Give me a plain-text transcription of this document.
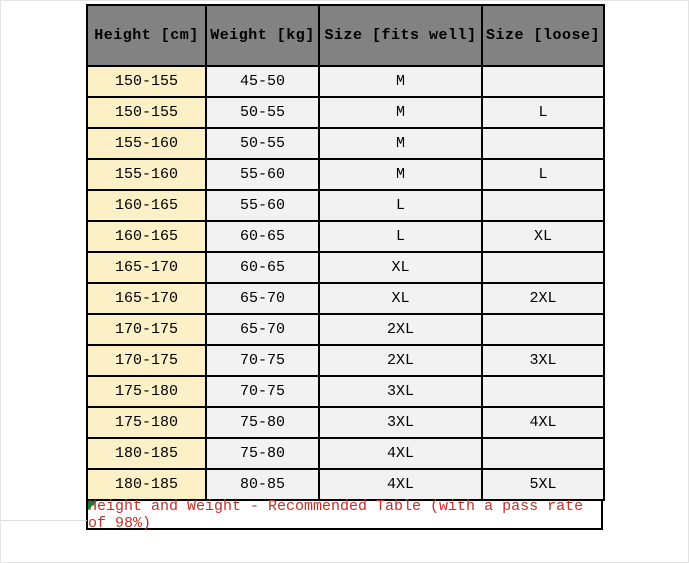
Height [cm]	Weight [kg]	Size [fits well]	Size [loose]
150-155	45-50	M	
150-155	50-55	M	L
155-160	50-55	M	
155-160	55-60	M	L
160-165	55-60	L	
160-165	60-65	L	XL
165-170	60-65	XL	
165-170	65-70	XL	2XL
170-175	65-70	2XL	
170-175	70-75	2XL	3XL
175-180	70-75	3XL	
175-180	75-80	3XL	4XL
180-185	75-80	4XL	
180-185	80-85	4XL	5XL
Height and Weight - Recommended Table (with a pass rate of 98%)
